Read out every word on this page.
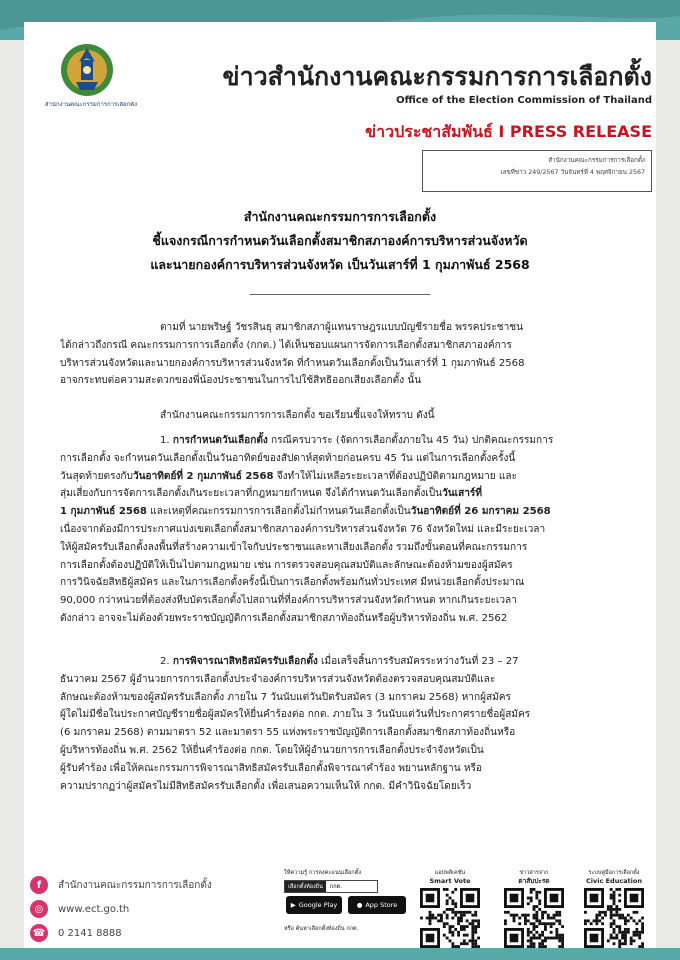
สำนักงานคณะกรรมการการเลือกตั้ง
ข่าวสำนักงานคณะกรรมการการเลือกตั้ง
Office of the Election Commission of Thailand
ข่าวประชาสัมพันธ์ I PRESS RELEASE
สำนักงานคณะกรรมการการเลือกตั้ง
เลขที่ข่าว 249/2567 วันจันทร์ที่ 4 พฤศจิกายน 2567
สำนักงานคณะกรรมการการเลือกตั้ง
ชี้แจงกรณีการกำหนดวันเลือกตั้งสมาชิกสภาองค์การบริหารส่วนจังหวัด
และนายกองค์การบริหารส่วนจังหวัด เป็นวันเสาร์ที่ 1 กุมภาพันธ์ 2568
ตามที่ นายพริษฐ์ วัชรสินธุ สมาชิกสภาผู้แทนราษฎรแบบบัญชีรายชื่อ พรรคประชาชน
ได้กล่าวถึงกรณี คณะกรรมการการเลือกตั้ง (กกต.) ได้เห็นชอบแผนการจัดการเลือกตั้งสมาชิกสภาองค์การ
บริหารส่วนจังหวัดและนายกองค์การบริหารส่วนจังหวัด ที่กำหนดวันเลือกตั้งเป็นวันเสาร์ที่ 1 กุมภาพันธ์ 2568
อาจกระทบต่อความสะดวกของพี่น้องประชาชนในการไปใช้สิทธิออกเสียงเลือกตั้ง นั้น
สำนักงานคณะกรรมการการเลือกตั้ง ขอเรียนชี้แจงให้ทราบ ดังนี้
1. การกำหนดวันเลือกตั้ง กรณีครบวาระ (จัดการเลือกตั้งภายใน 45 วัน) ปกติคณะกรรมการ
การเลือกตั้ง จะกำหนดวันเลือกตั้งเป็นวันอาทิตย์ของสัปดาห์สุดท้ายก่อนครบ 45 วัน แต่ในการเลือกตั้งครั้งนี้
วันสุดท้ายตรงกับวันอาทิตย์ที่ 2 กุมภาพันธ์ 2568 จึงทำให้ไม่เหลือระยะเวลาที่ต้องปฏิบัติตามกฎหมาย และ
สุ่มเสี่ยงกับการจัดการเลือกตั้งเกินระยะเวลาที่กฎหมายกำหนด จึงได้กำหนดวันเลือกตั้งเป็นวันเสาร์ที่
1 กุมภาพันธ์ 2568 และเหตุที่คณะกรรมการการเลือกตั้งไม่กำหนดวันเลือกตั้งเป็นวันอาทิตย์ที่ 26 มกราคม 2568
เนื่องจากต้องมีการประกาศแบ่งเขตเลือกตั้งสมาชิกสภาองค์การบริหารส่วนจังหวัด 76 จังหวัดใหม่ และมีระยะเวลา
ให้ผู้สมัครรับเลือกตั้งลงพื้นที่สร้างความเข้าใจกับประชาชนและหาเสียงเลือกตั้ง รวมถึงขั้นตอนที่คณะกรรมการ
การเลือกตั้งต้องปฏิบัติให้เป็นไปตามกฎหมาย เช่น การตรวจสอบคุณสมบัติและลักษณะต้องห้ามของผู้สมัคร
การวินิจฉัยสิทธิผู้สมัคร และในการเลือกตั้งครั้งนี้เป็นการเลือกตั้งพร้อมกันทั่วประเทศ มีหน่วยเลือกตั้งประมาณ
90,000 กว่าหน่วยที่ต้องส่งหีบบัตรเลือกตั้งไปสถานที่ที่องค์การบริหารส่วนจังหวัดกำหนด หากเกินระยะเวลา
ดังกล่าว อาจจะไม่ต้องด้วยพระราชบัญญัติการเลือกตั้งสมาชิกสภาท้องถิ่นหรือผู้บริหารท้องถิ่น พ.ศ. 2562
2. การพิจารณาสิทธิสมัครรับเลือกตั้ง เมื่อเสร็จสิ้นการรับสมัครระหว่างวันที่ 23 – 27
ธันวาคม 2567 ผู้อำนวยการการเลือกตั้งประจำองค์การบริหารส่วนจังหวัดต้องตรวจสอบคุณสมบัติและ
ลักษณะต้องห้ามของผู้สมัครรับเลือกตั้ง ภายใน 7 วันนับแต่วันปิดรับสมัคร (3 มกราคม 2568) หากผู้สมัคร
ผู้ใดไม่มีชื่อในประกาศบัญชีรายชื่อผู้สมัครให้ยื่นคำร้องต่อ กกต. ภายใน 3 วันนับแต่วันที่ประกาศรายชื่อผู้สมัคร
(6 มกราคม 2568) ตามมาตรา 52 และมาตรา 55 แห่งพระราชบัญญัติการเลือกตั้งสมาชิกสภาท้องถิ่นหรือ
ผู้บริหารท้องถิ่น พ.ศ. 2562 ให้ยื่นคำร้องต่อ กกต. โดยให้ผู้อำนวยการการเลือกตั้งประจำจังหวัดเป็น
ผู้รับคำร้อง เพื่อให้คณะกรรมการพิจารณาสิทธิสมัครรับเลือกตั้งพิจารณาคำร้อง พยานหลักฐาน หรือ
ความปรากฏว่าผู้สมัครไม่มีสิทธิสมัครรับเลือกตั้ง เพื่อเสนอความเห็นให้ กกต. มีคำวินิจฉัยโดยเร็ว
f	สำนักงานคณะกรรมการการเลือกตั้ง
◎	www.ect.go.th
☎ 0 2141 8888
ให้ความรู้ การลงคะแนนเลือกตั้ง
เลือกตั้งท้องถิ่น	กกต.
▶ Google Play	● App Store
หรือ ค้นหาเลือกตั้งท้องถิ่น กกต.
แอปพลิเคชัน
Smart Vote
ข่าวสารจาก
ตาสับปะรด
ระบบคู่มือการเลือกตั้ง
Civic Education
